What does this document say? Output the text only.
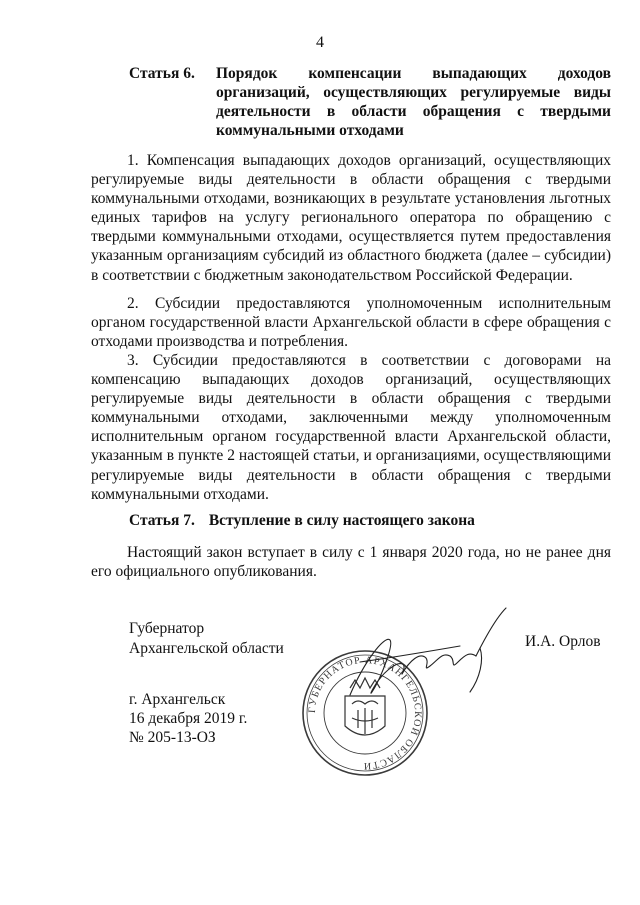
4
Статья 6. Порядок компенсации выпадающих доходов организаций, осуществляющих регулируемые виды деятельности в области обращения с твердыми коммунальными отходами

1. Компенсация выпадающих доходов организаций, осуществляющих регулируемые виды деятельности в области обращения с твердыми коммунальными отходами, возникающих в результате установления льготных единых тарифов на услугу регионального оператора по обращению с твердыми коммунальными отходами, осуществляется путем предоставления указанным организациям субсидий из областного бюджета (далее – субсидии) в соответствии с бюджетным законодательством Российской Федерации.

2. Субсидии предоставляются уполномоченным исполнительным органом государственной власти Архангельской области в сфере обращения с отходами производства и потребления.

3. Субсидии предоставляются в соответствии с договорами на компенсацию выпадающих доходов организаций, осуществляющих регулируемые виды деятельности в области обращения с твердыми коммунальными отходами, заключенными между уполномоченным исполнительным органом государственной власти Архангельской области, указанным в пункте 2 настоящей статьи, и организациями, осуществляющими регулируемые виды деятельности в области обращения с твердыми коммунальными отходами.

Статья 7. Вступление в силу настоящего закона

Настоящий закон вступает в силу с 1 января 2020 года, но не ранее дня его официального опубликования.

Губернатор
Архангельской области	И.А. Орлов
г. Архангельск
16 декабря 2019 г.
№ 205-13-ОЗ
ГУБЕРНАТОР АРХАНГЕЛЬСКОЙ ОБЛАСТИ
